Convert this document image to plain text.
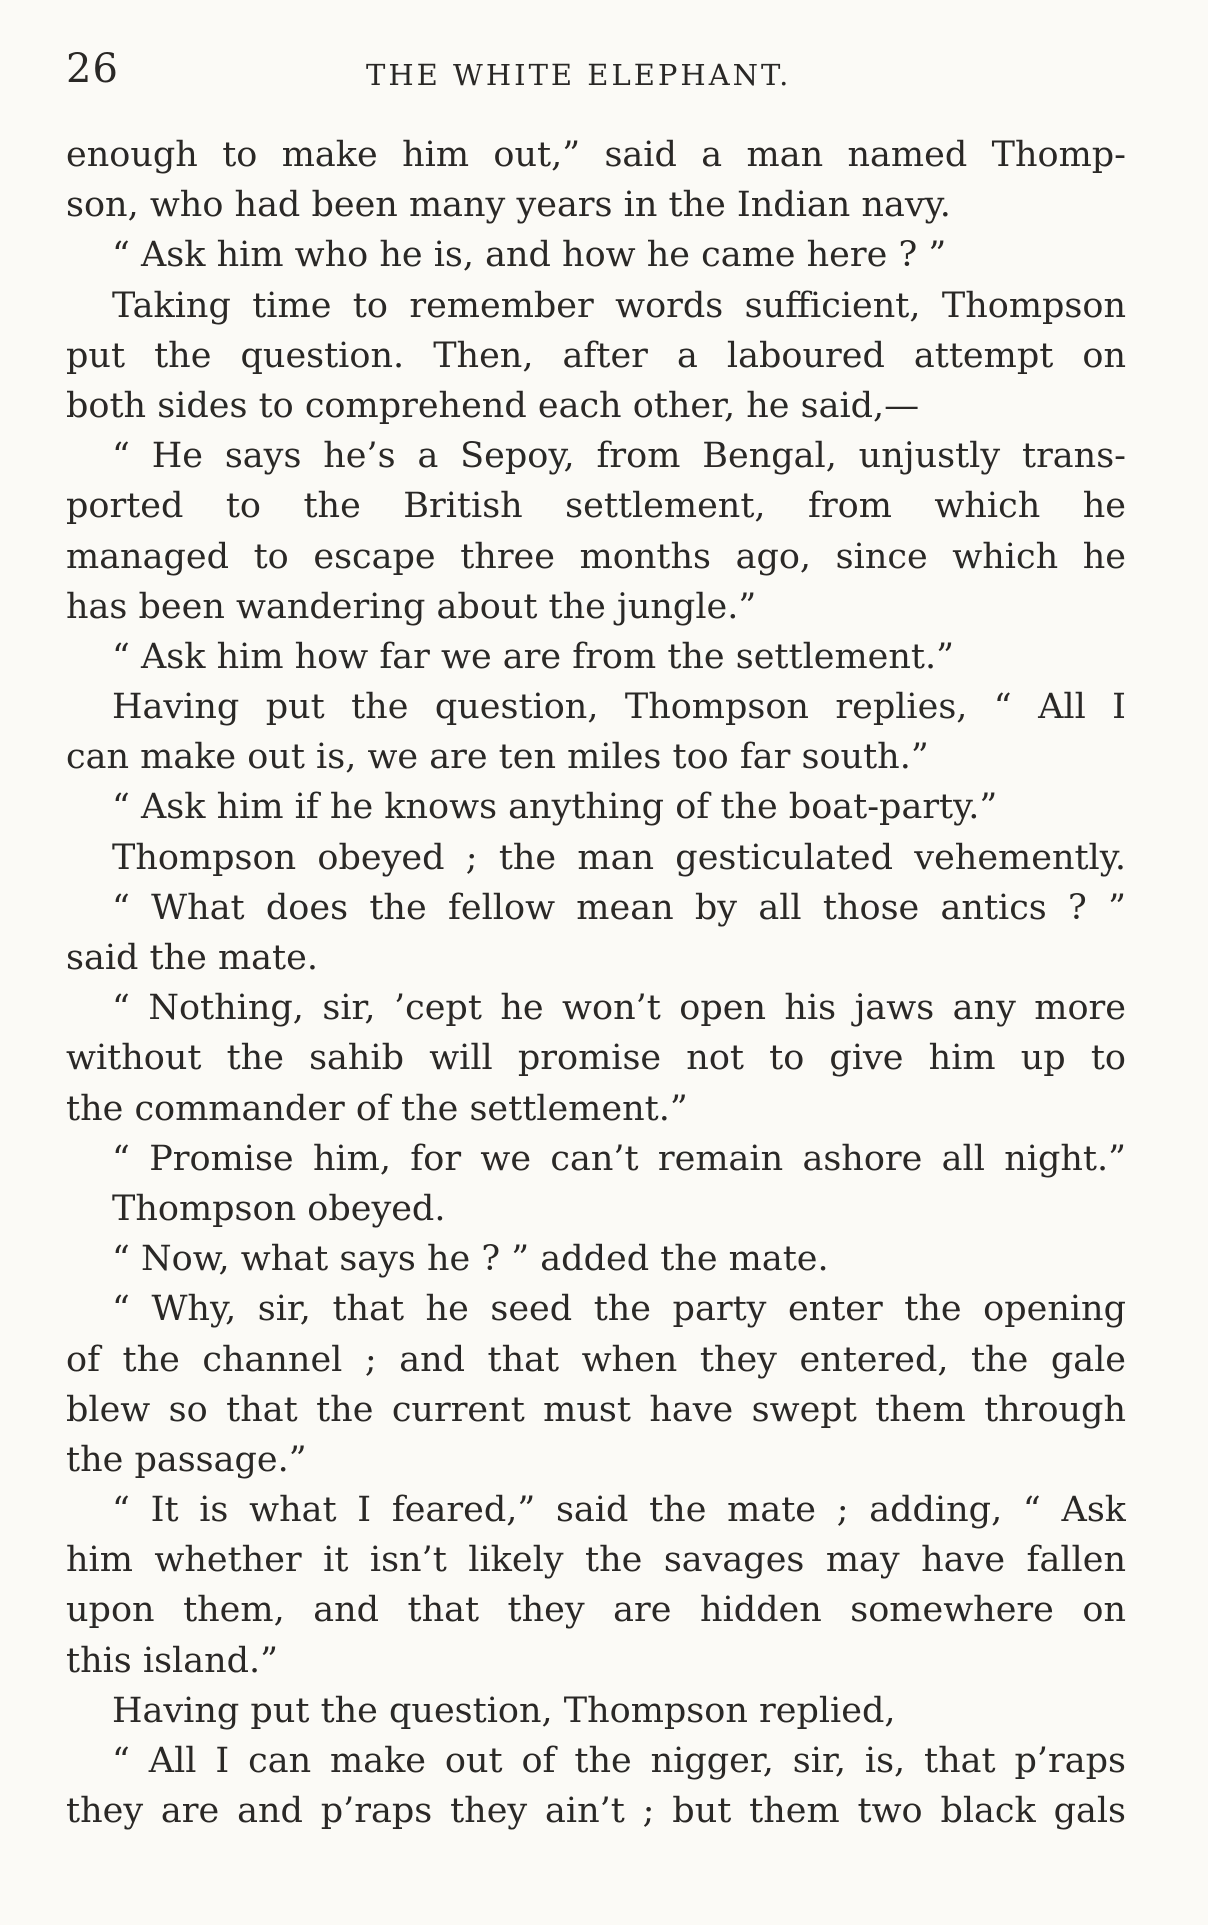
26	THE WHITE ELEPHANT.
enough to make him out,” said a man named Thomp-
son, who had been many years in the Indian navy.
“ Ask him who he is, and how he came here ? ”
Taking time to remember words sufficient, Thompson
put the question. Then, after a laboured attempt on
both sides to comprehend each other, he said,—
“ He says he’s a Sepoy, from Bengal, unjustly trans-
ported to the British settlement, from which he
managed to escape three months ago, since which he
has been wandering about the jungle.”
“ Ask him how far we are from the settlement.”
Having put the question, Thompson replies, “ All I
can make out is, we are ten miles too far south.”
“ Ask him if he knows anything of the boat-party.”
Thompson obeyed ; the man gesticulated vehemently.
“ What does the fellow mean by all those antics ? ”
said the mate.
“ Nothing, sir, ’cept he won’t open his jaws any more
without the sahib will promise not to give him up to
the commander of the settlement.”
“ Promise him, for we can’t remain ashore all night.”
Thompson obeyed.
“ Now, what says he ? ” added the mate.
“ Why, sir, that he seed the party enter the opening
of the channel ; and that when they entered, the gale
blew so that the current must have swept them through
the passage.”
“ It is what I feared,” said the mate ; adding, “ Ask
him whether it isn’t likely the savages may have fallen
upon them, and that they are hidden somewhere on
this island.”
Having put the question, Thompson replied,
“ All I can make out of the nigger, sir, is, that p’raps
they are and p’raps they ain’t ; but them two black gals
